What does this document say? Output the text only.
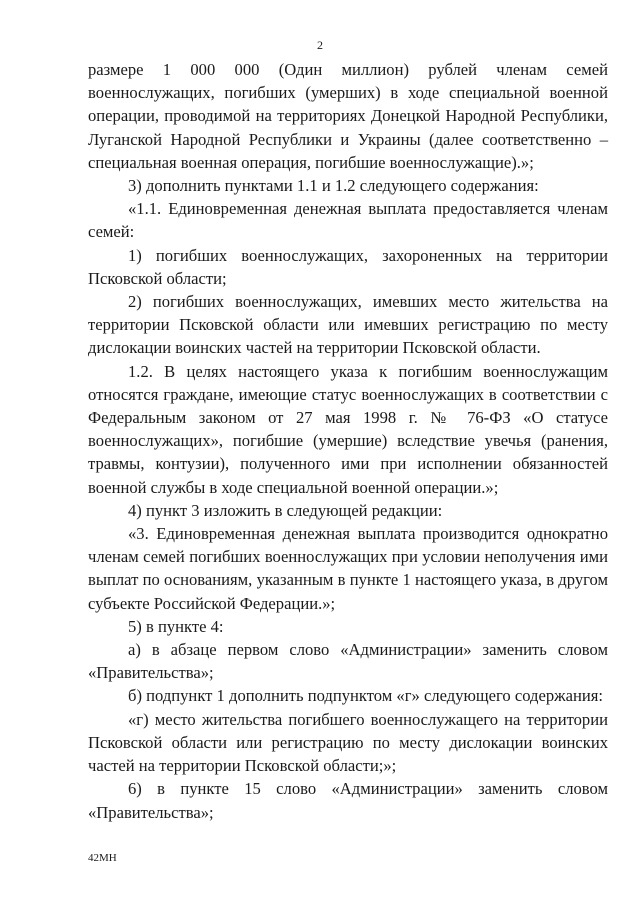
2

размере 1 000 000 (Один миллион) рублей членам семей военнослужащих, погибших (умерших) в ходе специальной военной операции, проводимой на территориях Донецкой Народной Республики, Луганской Народной Республики и Украины (далее соответственно – специальная военная операция, погибшие военнослужащие).»;

3) дополнить пунктами 1.1 и 1.2 следующего содержания:

«1.1. Единовременная денежная выплата предоставляется членам семей:

1) погибших военнослужащих, захороненных на территории Псковской области;

2) погибших военнослужащих, имевших место жительства на территории Псковской области или имевших регистрацию по месту дислокации воинских частей на территории Псковской области.

1.2. В целях настоящего указа к погибшим военнослужащим относятся граждане, имеющие статус военнослужащих в соответствии с Федеральным законом от 27 мая 1998 г. № 76-ФЗ «О статусе военнослужащих», погибшие (умершие) вследствие увечья (ранения, травмы, контузии), полученного ими при исполнении обязанностей военной службы в ходе специальной военной операции.»;

4) пункт 3 изложить в следующей редакции:

«3. Единовременная денежная выплата производится однократно членам семей погибших военнослужащих при условии неполучения ими выплат по основаниям, указанным в пункте 1 настоящего указа, в другом субъекте Российской Федерации.»;

5) в пункте 4:

а) в абзаце первом слово «Администрации» заменить словом «Правительства»;

б) подпункт 1 дополнить подпунктом «г» следующего содержания:

«г) место жительства погибшего военнослужащего на территории Псковской области или регистрацию по месту дислокации воинских частей на территории Псковской области;»;

6) в пункте 15 слово «Администрации» заменить словом «Правительства»;

42МН
